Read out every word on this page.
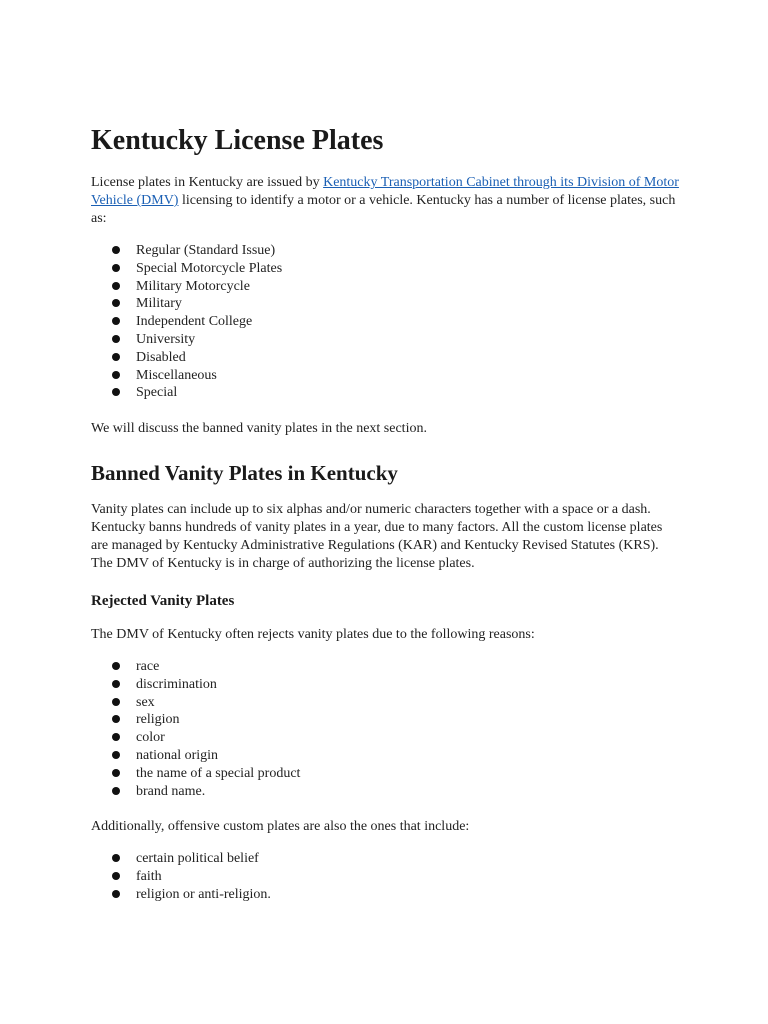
Kentucky License Plates

License plates in Kentucky are issued by Kentucky Transportation Cabinet through its Division of Motor Vehicle (DMV) licensing to identify a motor or a vehicle. Kentucky has a number of license plates, such as:

Regular (Standard Issue)
Special Motorcycle Plates
Military Motorcycle
Military
Independent College
University
Disabled
Miscellaneous
Special

We will discuss the banned vanity plates in the next section.

Banned Vanity Plates in Kentucky

Vanity plates can include up to six alphas and/or numeric characters together with a space or a dash. Kentucky banns hundreds of vanity plates in a year, due to many factors. All the custom license plates are managed by Kentucky Administrative Regulations (KAR) and Kentucky Revised Statutes (KRS). The DMV of Kentucky is in charge of authorizing the license plates.

Rejected Vanity Plates

The DMV of Kentucky often rejects vanity plates due to the following reasons:

race
discrimination
sex
religion
color
national origin
the name of a special product
brand name.

Additionally, offensive custom plates are also the ones that include:

certain political belief
faith
religion or anti-religion.
